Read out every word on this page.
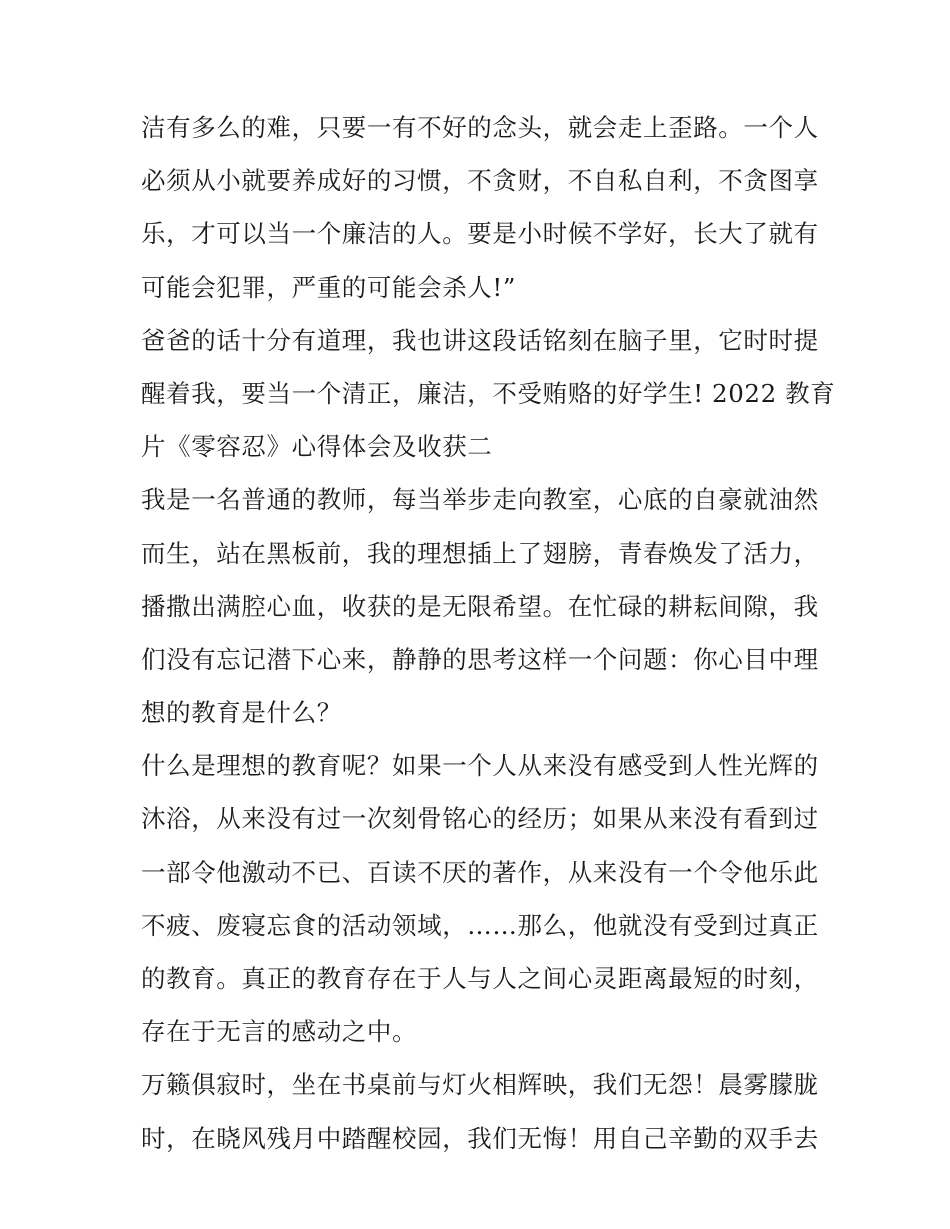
洁有多么的难，只要一有不好的念头，就会走上歪路。一个人
必须从小就要养成好的习惯，不贪财，不自私自利，不贪图享
乐，才可以当一个廉洁的人。要是小时候不学好，长大了就有
可能会犯罪，严重的可能会杀人!”
爸爸的话十分有道理，我也讲这段话铭刻在脑子里，它时时提
醒着我，要当一个清正，廉洁，不受贿赂的好学生! 2022 教育
片《零容忍》心得体会及收获二
我是一名普通的教师，每当举步走向教室，心底的自豪就油然
而生，站在黑板前，我的理想插上了翅膀，青春焕发了活力，
播撒出满腔心血，收获的是无限希望。在忙碌的耕耘间隙，我
们没有忘记潜下心来，静静的思考这样一个问题：你心目中理
想的教育是什么？
什么是理想的教育呢？如果一个人从来没有感受到人性光辉的
沐浴，从来没有过一次刻骨铭心的经历；如果从来没有看到过
一部令他激动不已、百读不厌的著作，从来没有一个令他乐此
不疲、废寝忘食的活动领域，……那么，他就没有受到过真正
的教育。真正的教育存在于人与人之间心灵距离最短的时刻，
存在于无言的感动之中。
万籁俱寂时，坐在书桌前与灯火相辉映，我们无怨！晨雾朦胧
时，在晓风残月中踏醒校园，我们无悔！用自己辛勤的双手去
